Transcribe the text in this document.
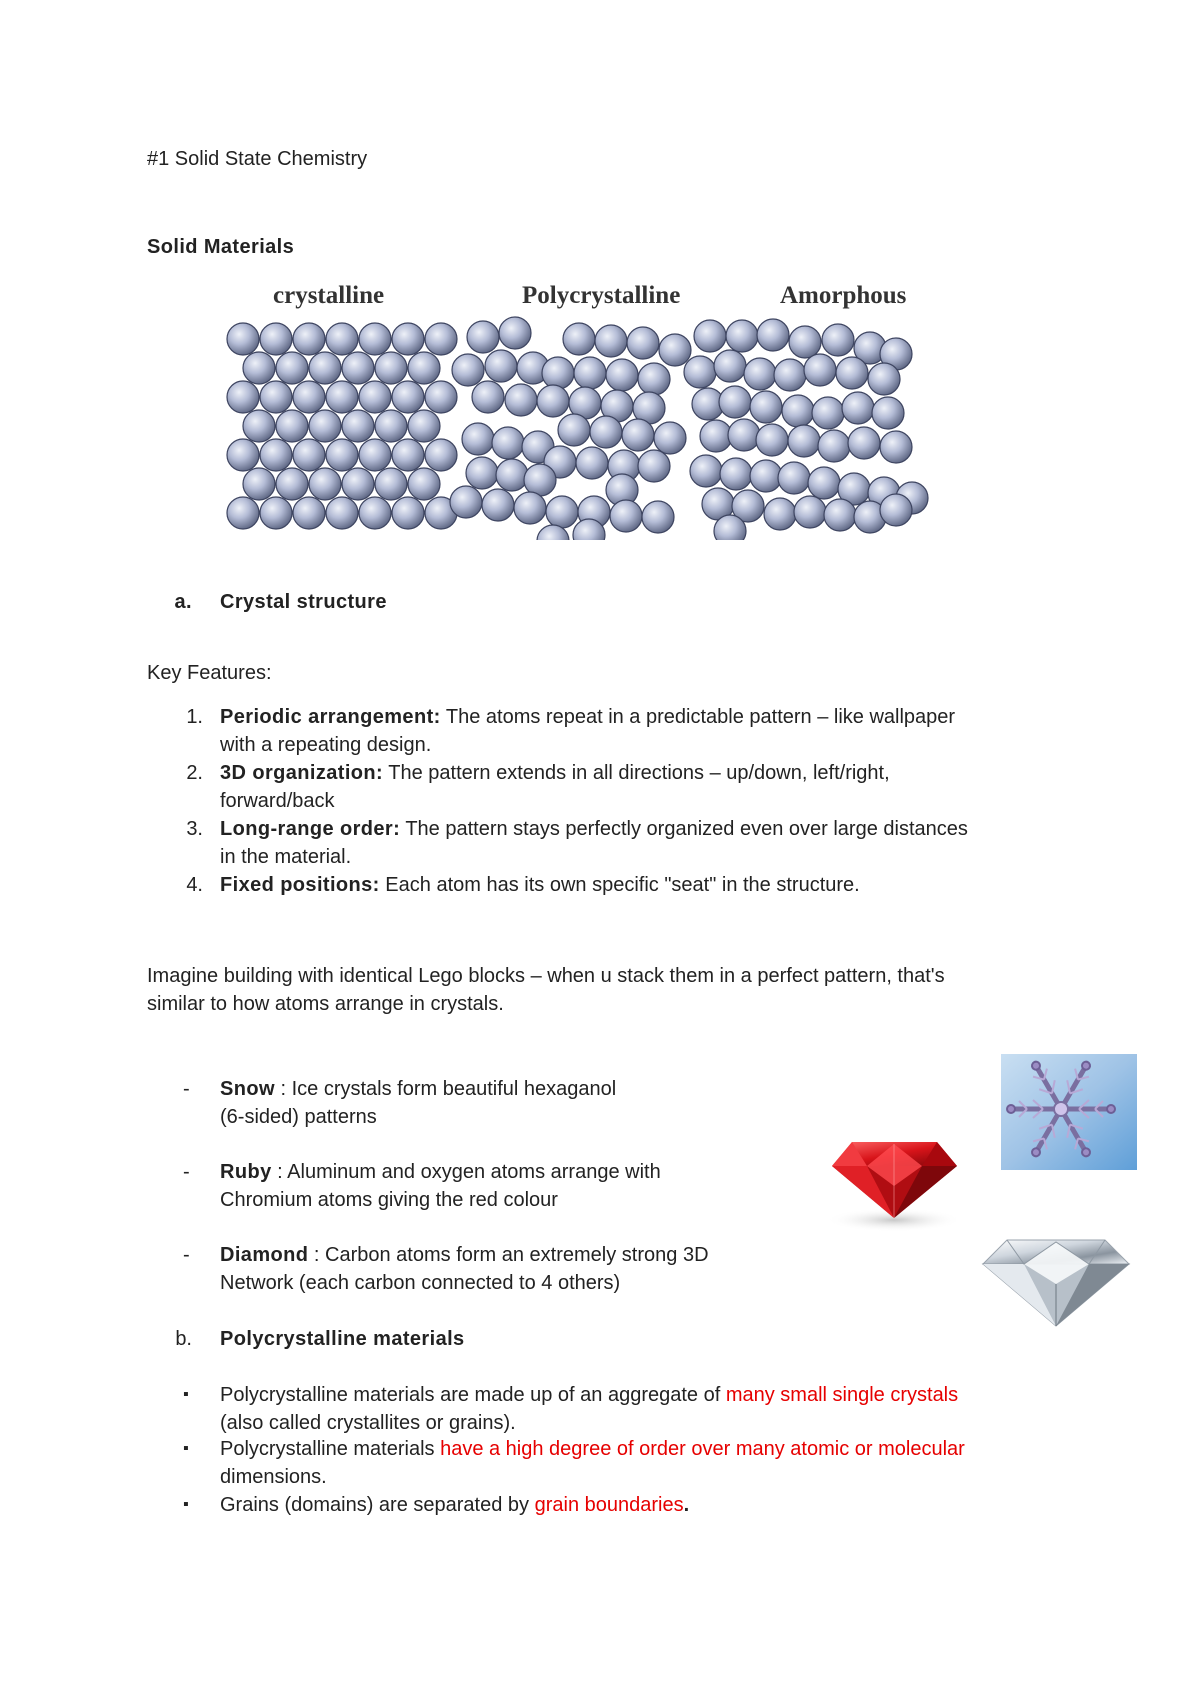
#1 Solid State Chemistry
Solid Materials
crystalline	Polycrystalline	Amorphous
a. Crystal structure
Key Features:
1. Periodic arrangement: The atoms repeat in a predictable pattern – like wallpaper
with a repeating design.
2. 3D organization: The pattern extends in all directions – up/down, left/right,
forward/back
3. Long-range order: The pattern stays perfectly organized even over large distances
in the material.
4. Fixed positions: Each atom has its own specific "seat" in the structure.
Imagine building with identical Lego blocks – when u stack them in a perfect pattern, that's
similar to how atoms arrange in crystals.
- Snow : Ice crystals form beautiful hexaganol
(6-sided) patterns
- Ruby : Aluminum and oxygen atoms arrange with
Chromium atoms giving the red colour
- Diamond : Carbon atoms form an extremely strong 3D
Network (each carbon connected to 4 others)
b. Polycrystalline materials
▪ Polycrystalline materials are made up of an aggregate of many small single crystals
(also called crystallites or grains).
▪ Polycrystalline materials have a high degree of order over many atomic or molecular
dimensions.
▪ Grains (domains) are separated by grain boundaries.
